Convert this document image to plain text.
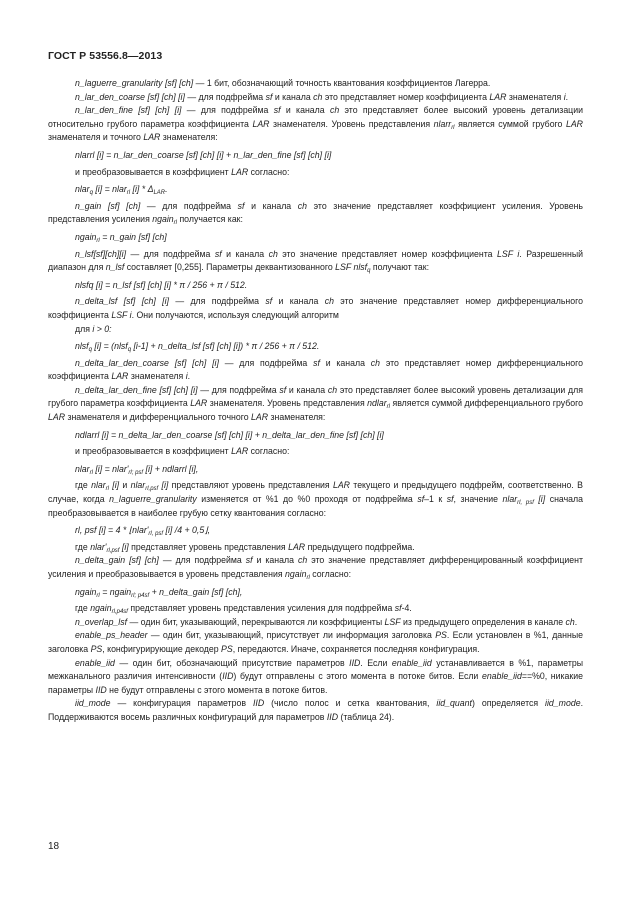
ГОСТ Р 53556.8—2013

n_laguerre_granularity [sf] [ch] — 1 бит, обозначающий точность квантования коэффициентов Лагерра.

n_lar_den_coarse [sf] [ch] [i] — для подфрейма sf и канала ch это представляет номер коэффициента LAR знаменателя i.

n_lar_den_fine [sf] [ch] [i] — для подфрейма sf и канала ch это представляет более высокий уровень детализации относительно грубого параметра коэффициента LAR знаменателя. Уровень представления nlarr$_{rl}$ является суммой грубого LAR знаменателя и точного LAR знаменателя:

nlarrl [i] = n_lar_den_coarse [sf] [ch] [i] + n_lar_den_fine [sf] [ch] [i]

и преобразовывается в коэффициент LAR согласно:

nlar$_q$ [i] = nlar$_{rl}$ $[i] * \Delta_{LAR}$.

n_gain [sf] [ch] — для подфрейма sf и канала ch это значение представляет коэффициент усиления. Уровень представления усиления ngain$_{rl}$ получается как:

ngain$_{rl}$ = n_gain [sf] [ch]

n_lsf[sf][ch][i] — для подфрейма sf и канала ch это значение представляет номер коэффициента LSF i. Разрешенный диапазон для n_lsf составляет [0,255]. Параметры деквантизованного LSF nlsf$_q$ получают так:

nlsfq [i] = n_lsf [sf] [ch] [i] * π / 256 + π / 512.

n_delta_lsf [sf] [ch] [i] — для подфрейма sf и канала ch это значение представляет номер дифференциального коэффициента LSF i. Они получаются, используя следующий алгоритм

для i > 0:

nlsf$_q$ [i] = (nlsf$_q$ [i-1] + n_delta_lsf [sf] [ch] [i]) * π / 256 + π / 512.

n_delta_lar_den_coarse [sf] [ch] [i] — для подфрейма sf и канала ch это представляет номер дифференциального коэффициента LAR знаменателя i.

n_delta_lar_den_fine [sf] [ch] [i] — для подфрейма sf и канала ch это представляет более высокий уровень детализации для грубого параметра коэффициента LAR знаменателя. Уровень представления ndlar$_{rl}$ является суммой дифференциального грубого LAR знаменателя и дифференциального точного LAR знаменателя:

ndlarrl [i] = n_delta_lar_den_coarse [sf] [ch] [i] + n_delta_lar_den_fine [sf] [ch] [i]

и преобразовывается в коэффициент LAR согласно:

nlar$_{rl}$ $[i] = nlar'_{rl; psf}$ [i] + ndlarrl [i],

где nlar$_{rl}$ [i] и nlar$_{rl,psf}$ [i] представляют уровень представления LAR текущего и предыдущего подфрейм, соответственно. В случае, когда n_laguerre_granularity изменяется от %1 до %0 проходя от подфрейма sf–1 к sf, значение nlar$_{rl, psf}$ [i] сначала преобразовывается в наиболее грубую сетку квантования согласно:

rl, psf $[i] = 4 * ⌊nlar'_{rl, psf}$ [i] /4 + 0,5⌋,

где $nlar'_{rl,psf}$ [i] представляет уровень представления LAR предыдущего подфрейма.

n_delta_gain [sf] [ch] — для подфрейма sf и канала ch это значение представляет дифференцированный коэффициент усиления и преобразовывается в уровень представления ngain$_{rl}$ согласно:

ngain$_{rl}$ = ngain$_{rl; p4sf}$ + n_delta_gain [sf] [ch],

где ngain$_{rl,p4sf}$ представляет уровень представления усиления для подфрейма sf-4.

n_overlap_lsf — один бит, указывающий, перекрываются ли коэффициенты LSF из предыдущего определения в канале ch.

enable_ps_header — один бит, указывающий, присутствует ли информация заголовка PS. Если установлен в %1, данные заголовка PS, конфигурирующие декодер PS, передаются. Иначе, сохраняется последняя конфигурация.

enable_iid — один бит, обозначающий присутствие параметров IID. Если enable_iid устанавливается в %1, параметры межканального различия интенсивности (IID) будут отправлены с этого момента в потоке битов. Если enable_iid==%0, никакие параметры IID не будут отправлены с этого момента в потоке битов.

iid_mode — конфигурация параметров IID (число полос и сетка квантования, iid_quant) определяется iid_mode. Поддерживаются восемь различных конфигураций для параметров IID (таблица 24).

18
